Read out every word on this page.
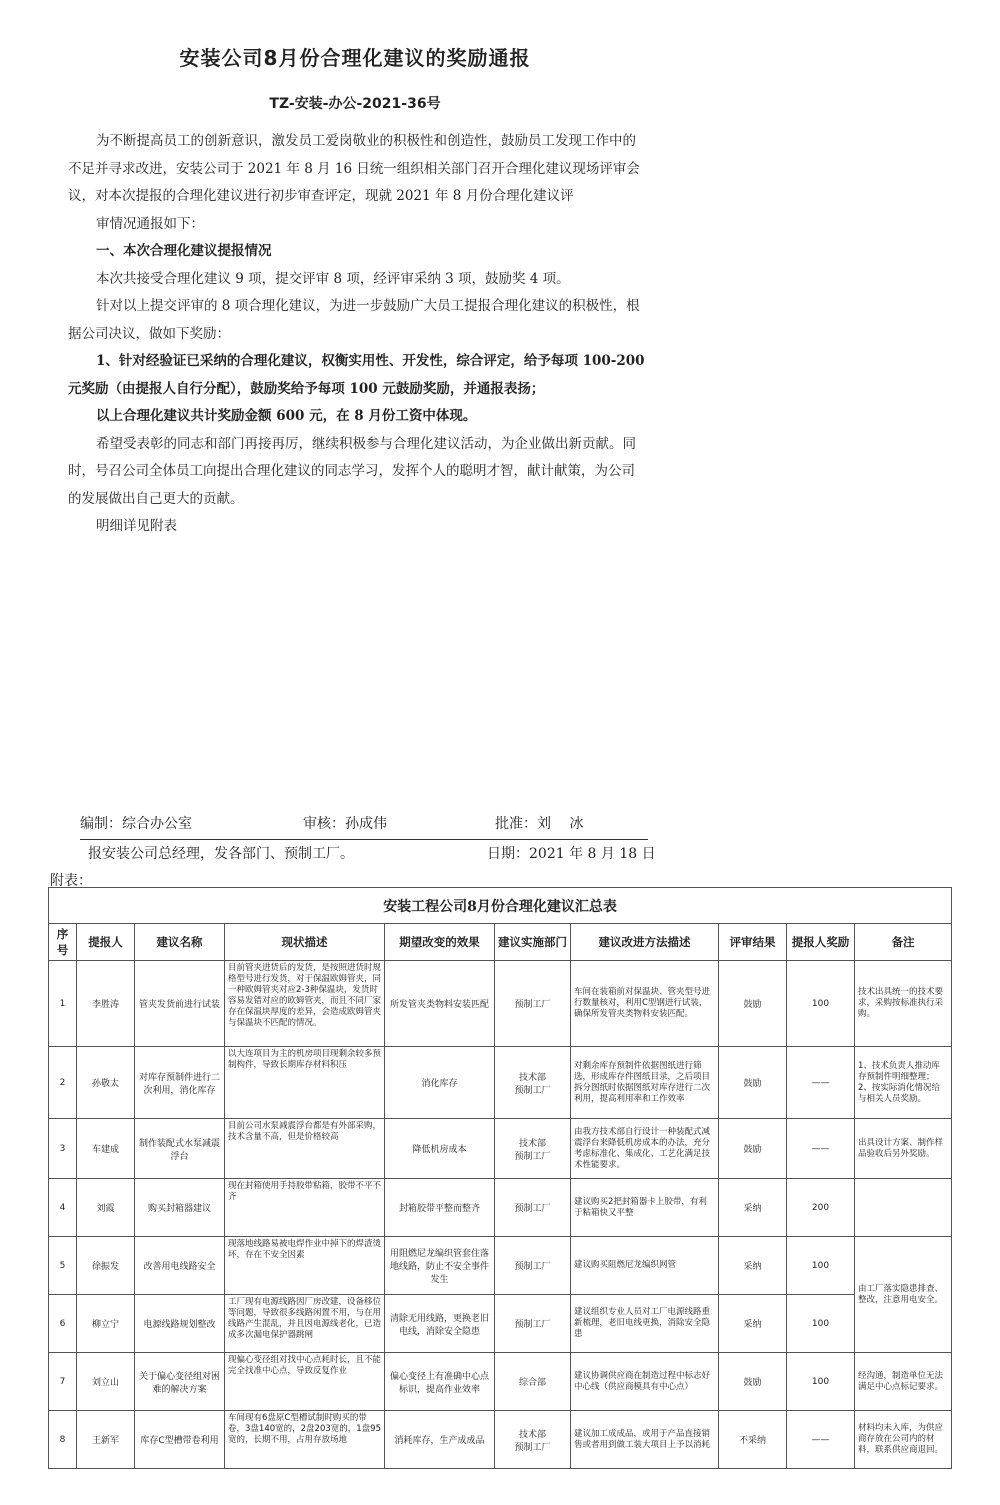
安装公司8月份合理化建议的奖励通报
TZ-安装-办公-2021-36号

为不断提高员工的创新意识，激发员工爱岗敬业的积极性和创造性，鼓励员工发现工作中的不足并寻求改进，安装公司于 2021 年 8 月 16 日统一组织相关部门召开合理化建议现场评审会议，对本次提报的合理化建议进行初步审查评定，现就 2021 年 8 月份合理化建议评

审情况通报如下：

一、本次合理化建议提报情况

本次共接受合理化建议 9 项，提交评审 8 项，经评审采纳 3 项，鼓励奖 4 项。

针对以上提交评审的 8 项合理化建议，为进一步鼓励广大员工提报合理化建议的积极性，根据公司决议，做如下奖励：

1、针对经验证已采纳的合理化建议，权衡实用性、开发性，综合评定，给予每项 100-200 元奖励（由提报人自行分配），鼓励奖给予每项 100 元鼓励奖励，并通报表扬；

以上合理化建议共计奖励金额 600 元，在 8 月份工资中体现。

希望受表彰的同志和部门再接再厉，继续积极参与合理化建议活动，为企业做出新贡献。同时，号召公司全体员工向提出合理化建议的同志学习，发挥个人的聪明才智，献计献策，为公司的发展做出自己更大的贡献。

明细详见附表

编制：综合办公室	审核：孙成伟	批准：刘　 冰
报安装公司总经理，发各部门、预制工厂。	日期：2021 年 8 月 18 日
附表：
安装工程公司8月份合理化建议汇总表									
序号	提报人	建议名称	现状描述	期望改变的效果	建议实施部门	建议改进方法描述	评审结果	提报人奖励	备注
1	李胜涛	管夹发货前进行试装	目前管夹进货后的发货，是按照进货时规格型号进行发货，对于保温欧姆管夹，同一种欧姆管夹对应2-3种保温块，发货时容易发错对应的欧姆管夹，而且不同厂家存在保温块厚度的差异，会造成欧姆管夹与保温块不匹配的情况。	所发管夹类物料安装匹配	预制工厂	车间在装箱前对保温块、管夹型号进行数量核对，利用C型钢进行试装，确保所发管夹类物料安装匹配。	鼓励	100	技术出具统一的技术要求，采购按标准执行采购。
2	孙敬太	对库存预制件进行二次利用，消化库存	以大连项目为主的机房项目现剩余较多预制构件，导致长期库存材料积压	消化库存	技术部
预制工厂	对剩余库存预制件依据图纸进行筛选，形成库存件图纸目录，之后项目拆分图纸时依据图纸对库存进行二次利用，提高利用率和工作效率	鼓励	——	1、技术负责人推动库存预制件明细整理；
2、按实际消化情况给与相关人员奖励。
3	车建成	制作装配式水泵减震浮台	目前公司水泵减震浮台都是有外部采购，技术含量不高，但是价格较高	降低机房成本	技术部
预制工厂	由我方技术部自行设计一种装配式减震浮台来降低机房成本的办法，充分考虑标准化、集成化、工艺化满足技术性能要求。	鼓励	——	出具设计方案、制作样品验收后另外奖励。
4	刘霞	购买封箱器建议	现在封箱使用手持胶带粘箱，胶带不平不齐	封箱胶带平整而整齐	预制工厂	建议购买2把封箱器卡上胶带，有利于粘箱快又平整	采纳	200	
5	徐振发	改善用电线路安全	现落地线路易被电焊作业中掉下的焊渣烫坏，存在不安全因素	用阻燃尼龙编织管套住落地线路，防止不安全事件发生	预制工厂	建议购买阻燃尼龙编织网管	采纳	100	由工厂落实隐患排查、整改，注意用电安全。
6	柳立宁	电源线路规划整改	工厂现有电源线路因厂房改建，设备移位等问题，导致很多线路闲置不用，与在用线路产生混乱，并且因电源线老化，已造成多次漏电保护器跳闸	清除无用线路，更换老旧电线，消除安全隐患	预制工厂	建议组织专业人员对工厂电源线路重新梳理，老旧电线更换，消除安全隐患	采纳	100	
7	刘立山	关于偏心变径组对困难的解决方案	现偏心变径组对找中心点耗时长，且不能完全找准中心点，导致反复作业	偏心变径上有准确中心点标识，提高作业效率	综合部	建议协调供应商在制造过程中标志好中心线（供应商模具有中心点）	鼓励	100	经沟通，制造单位无法满足中心点标记要求。
8	王新军	库存C型槽带卷利用	车间现有6盘原C型槽试制时购买的带卷，3盘140宽的，2盘203宽的，1盘95宽的，长期不用，占用存放场地	消耗库存，生产成成品	技术部
预制工厂	建议加工成成品，或用于产品直接销售或者用到做工装大项目上予以消耗	不采纳	——	材料均未入库，为供应商存放在公司内的材料，联系供应商退回。
